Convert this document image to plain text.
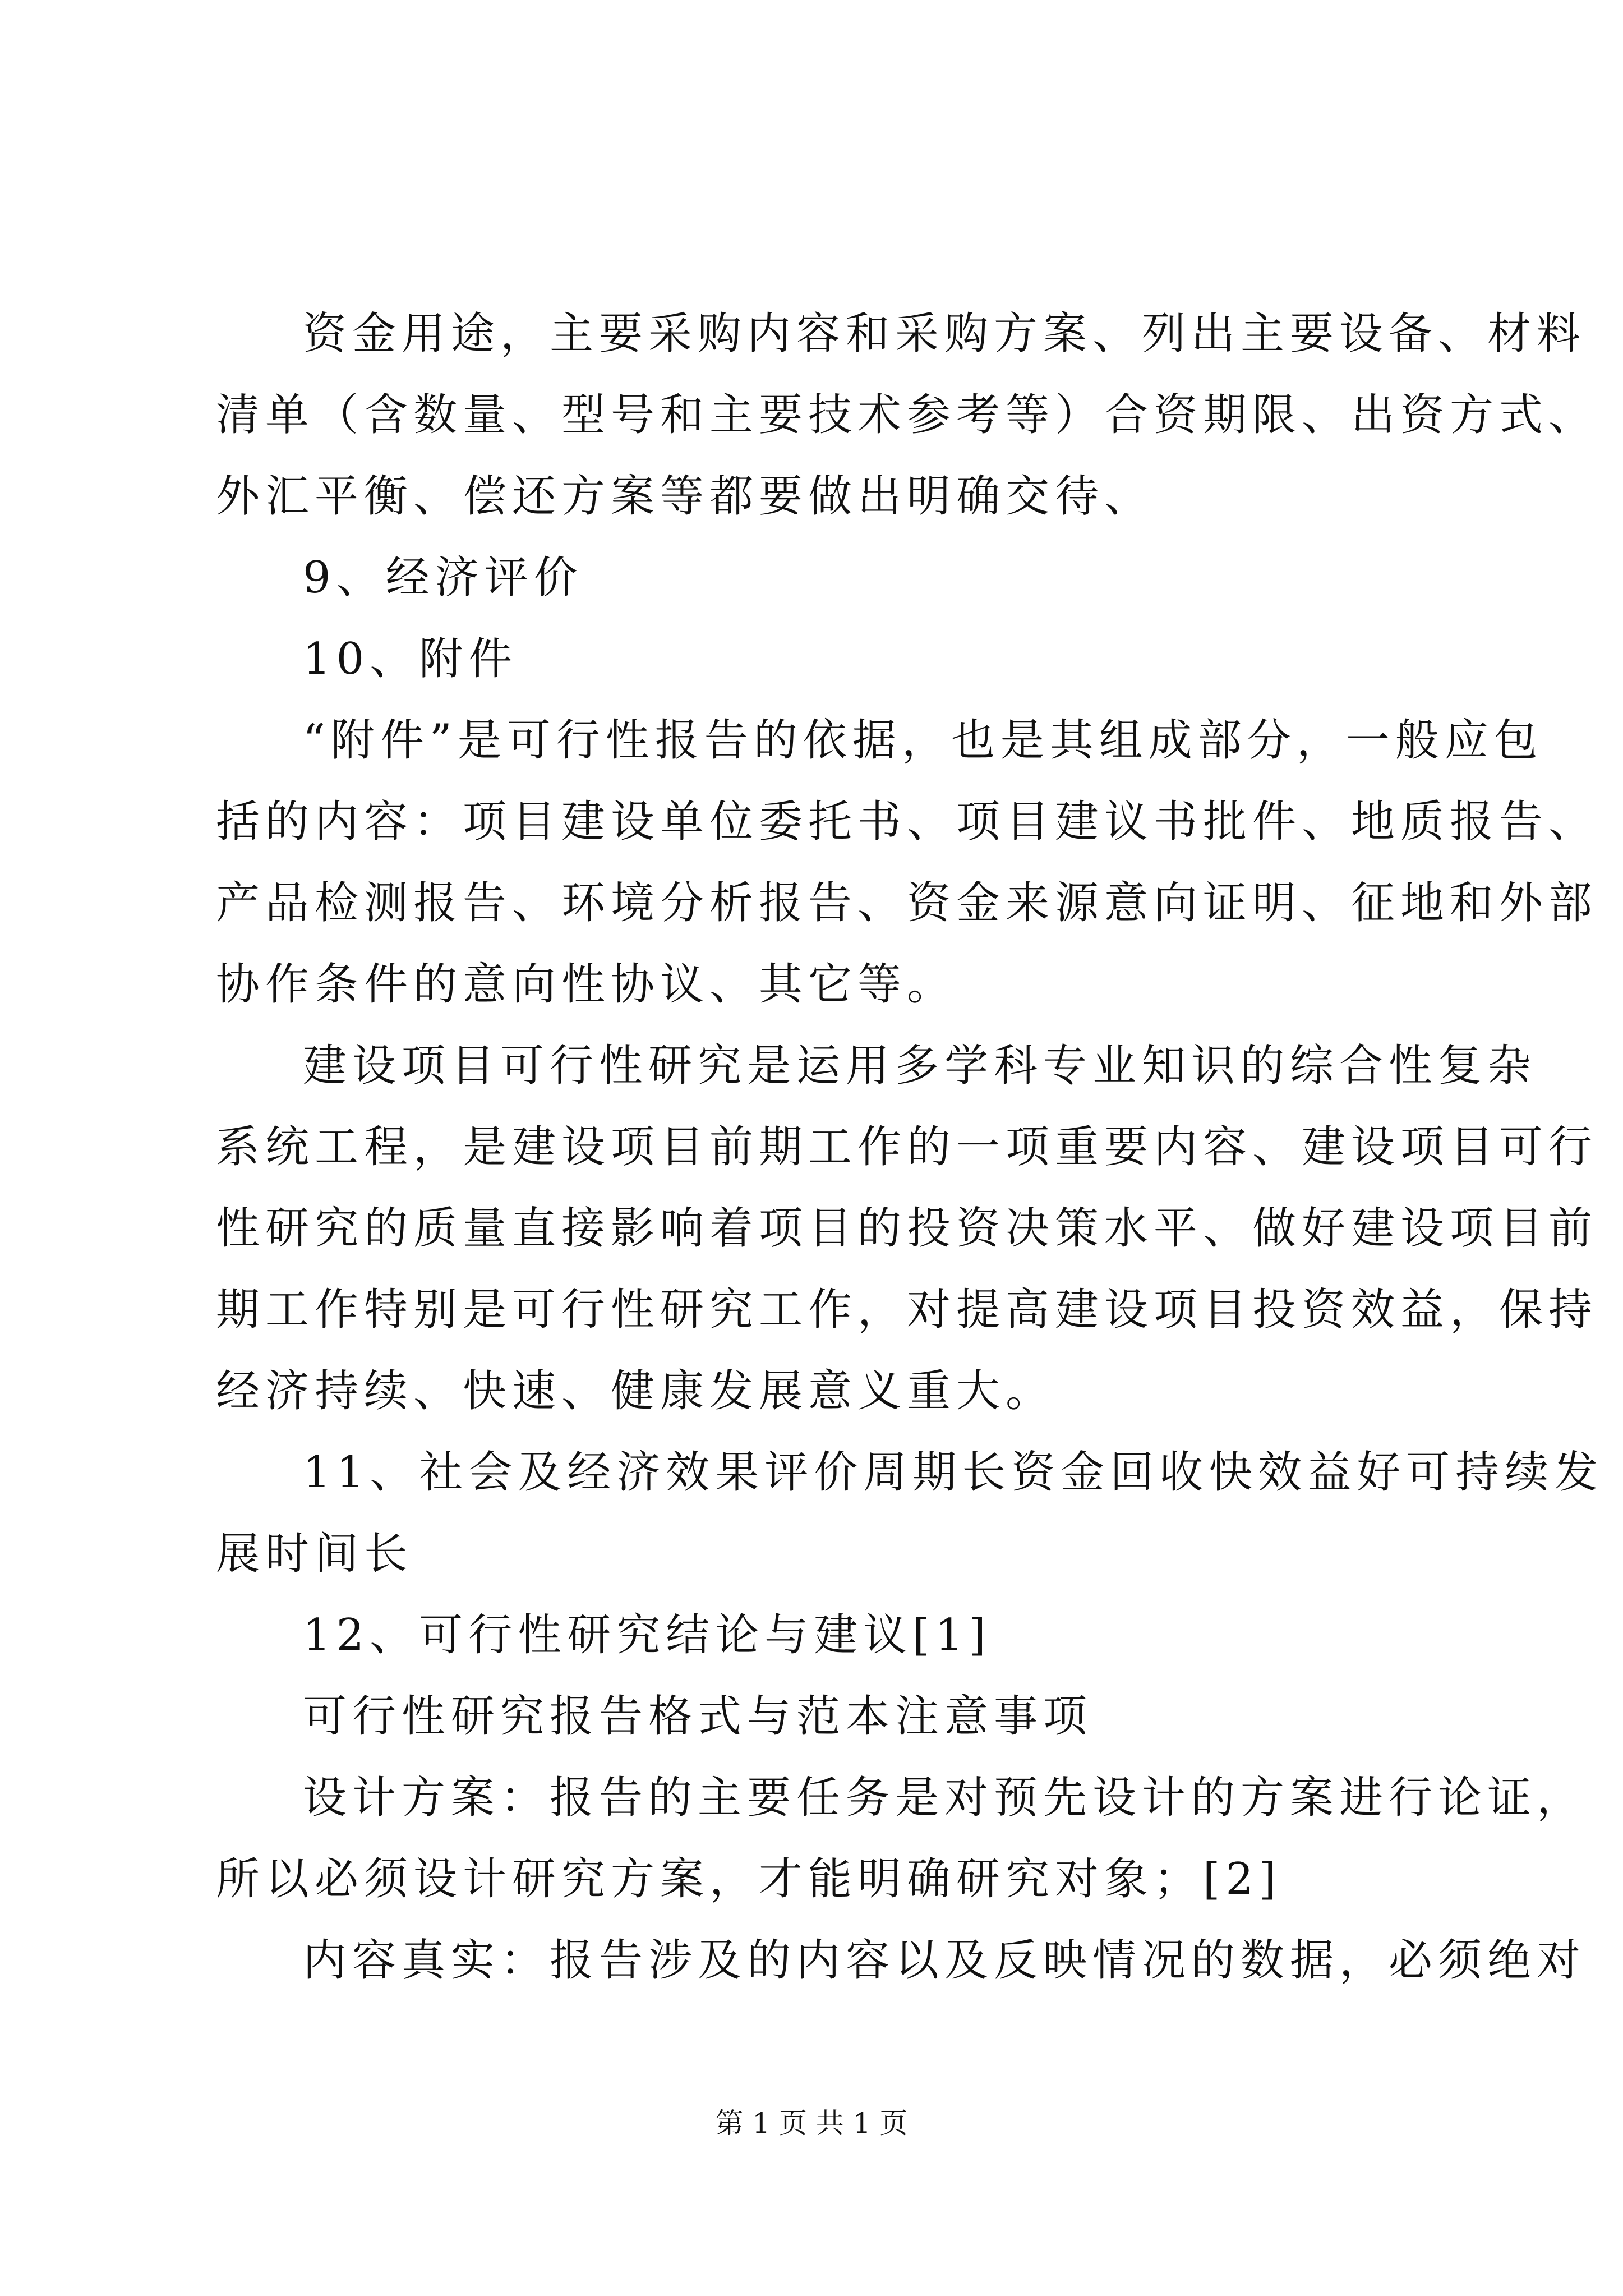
资金用途，主要采购内容和采购方案、列出主要设备、材料
清单（含数量、型号和主要技术参考等）合资期限、出资方式、
外汇平衡、偿还方案等都要做出明确交待、
9、经济评价
10、附件
“附件”是可行性报告的依据，也是其组成部分，一般应包
括的内容：项目建设单位委托书、项目建议书批件、地质报告、
产品检测报告、环境分析报告、资金来源意向证明、征地和外部
协作条件的意向性协议、其它等。
建设项目可行性研究是运用多学科专业知识的综合性复杂
系统工程，是建设项目前期工作的一项重要内容、建设项目可行
性研究的质量直接影响着项目的投资决策水平、做好建设项目前
期工作特别是可行性研究工作，对提高建设项目投资效益，保持
经济持续、快速、健康发展意义重大。
11、社会及经济效果评价周期长资金回收快效益好可持续发
展时间长
12、可行性研究结论与建议[1]
可行性研究报告格式与范本注意事项
设计方案：报告的主要任务是对预先设计的方案进行论证，
所以必须设计研究方案，才能明确研究对象；[2]
内容真实：报告涉及的内容以及反映情况的数据，必须绝对
第 1 页 共 1 页
